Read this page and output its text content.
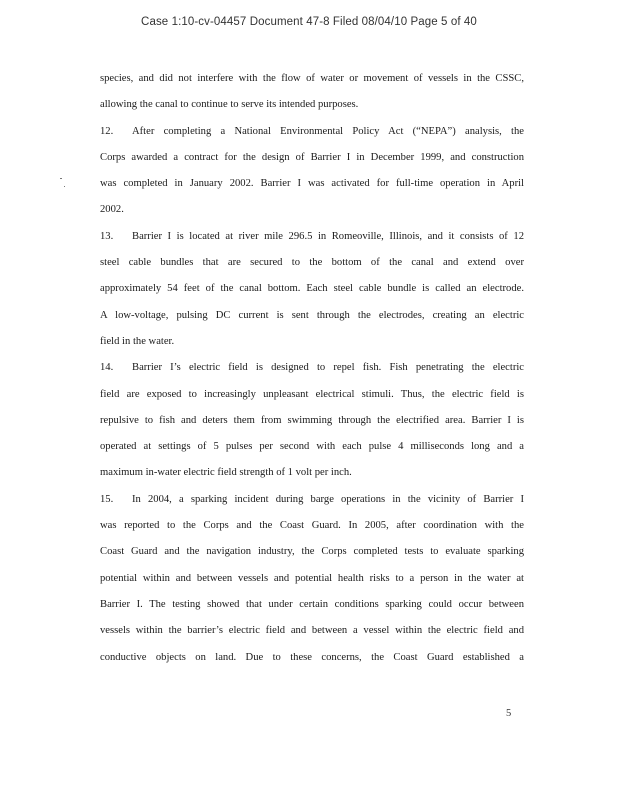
Case 1:10-cv-04457 Document 47-8 Filed 08/04/10 Page 5 of 40
species, and did not interfere with the flow of water or movement of vessels in the CSSC,
allowing the canal to continue to serve its intended purposes.
12. After completing a National Environmental Policy Act (“NEPA”) analysis, the
Corps awarded a contract for the design of Barrier I in December 1999, and construction
was completed in January 2002. Barrier I was activated for full-time operation in April
2002.
13. Barrier I is located at river mile 296.5 in Romeoville, Illinois, and it consists of 12
steel cable bundles that are secured to the bottom of the canal and extend over
approximately 54 feet of the canal bottom. Each steel cable bundle is called an electrode.
A low-voltage, pulsing DC current is sent through the electrodes, creating an electric
field in the water.
14. Barrier I’s electric field is designed to repel fish. Fish penetrating the electric
field are exposed to increasingly unpleasant electrical stimuli. Thus, the electric field is
repulsive to fish and deters them from swimming through the electrified area. Barrier I is
operated at settings of 5 pulses per second with each pulse 4 milliseconds long and a
maximum in-water electric field strength of 1 volt per inch.
15. In 2004, a sparking incident during barge operations in the vicinity of Barrier I
was reported to the Corps and the Coast Guard. In 2005, after coordination with the
Coast Guard and the navigation industry, the Corps completed tests to evaluate sparking
potential within and between vessels and potential health risks to a person in the water at
Barrier I. The testing showed that under certain conditions sparking could occur between
vessels within the barrier’s electric field and between a vessel within the electric field and
conductive objects on land. Due to these concerns, the Coast Guard established a
5
